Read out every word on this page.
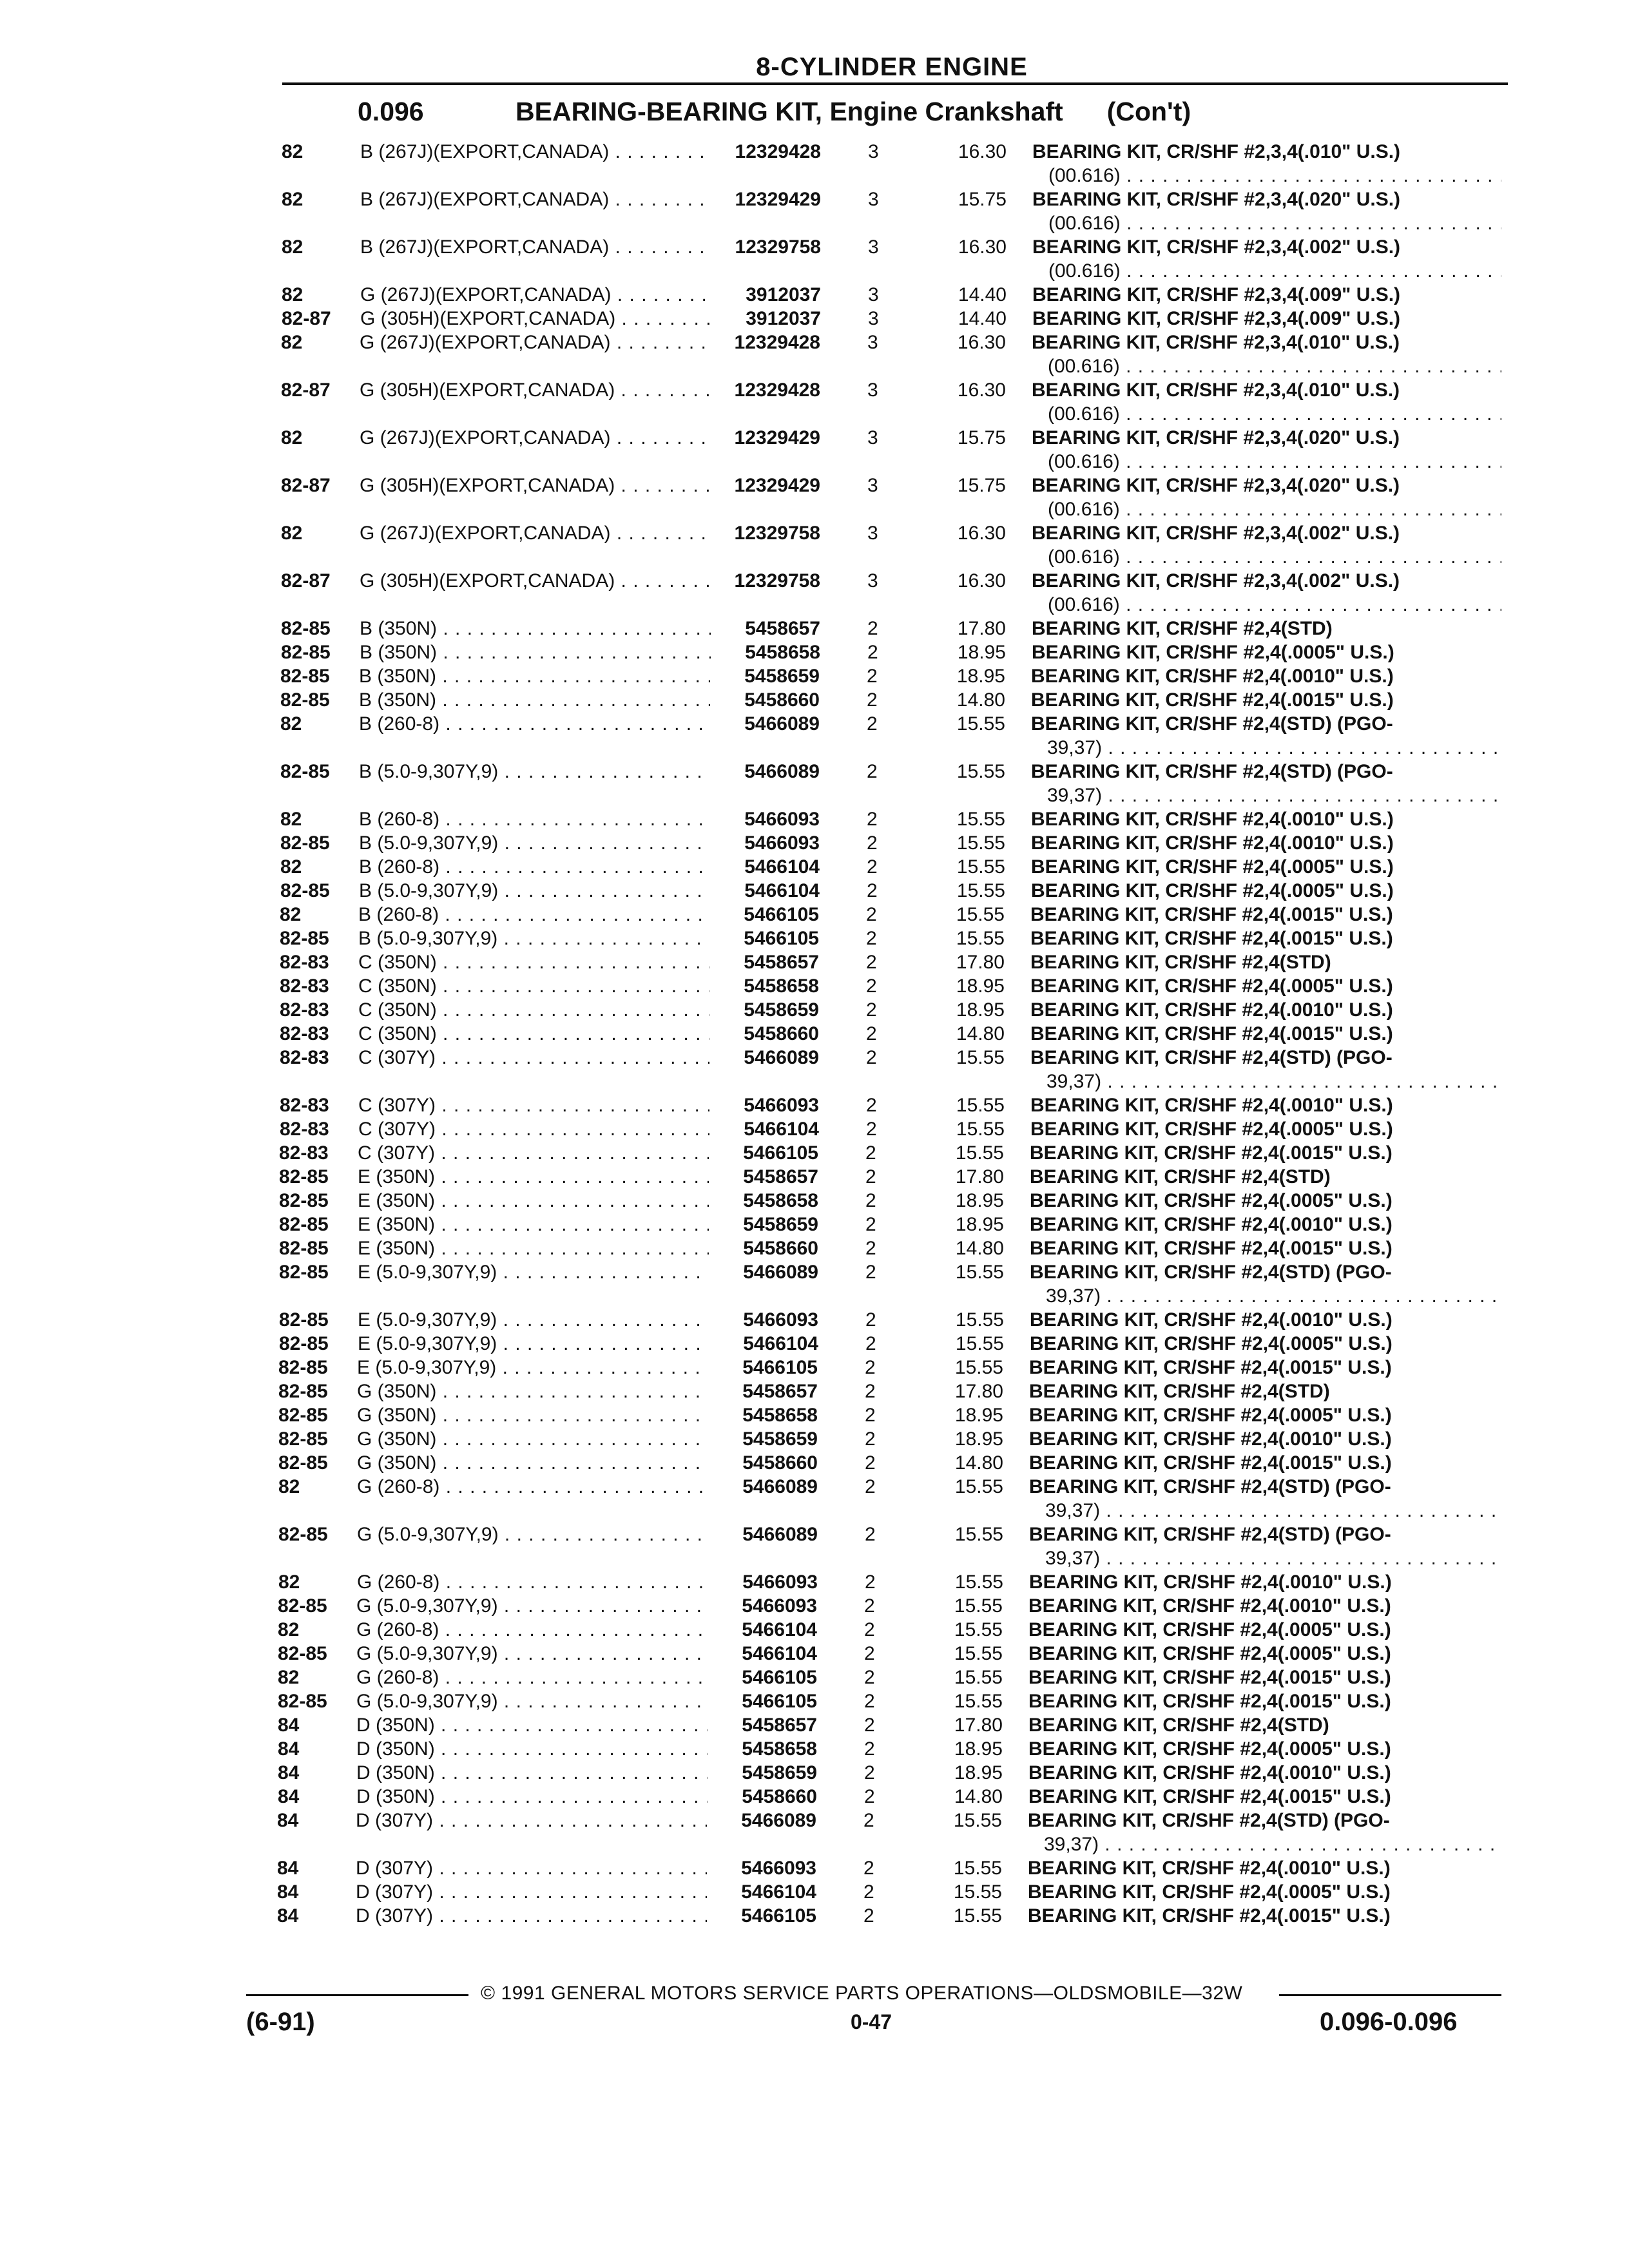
8-CYLINDER ENGINE
0.096	BEARING-BEARING KIT, Engine Crankshaft (Con't)
82	B (267J)(EXPORT,CANADA) . . .	12329428 3	16.30 BEARING KIT, CR/SHF #2,3,4(.010" U.S.)
(00.616) . . .
82	B (267J)(EXPORT,CANADA) . . .	12329429 3	15.75 BEARING KIT, CR/SHF #2,3,4(.020" U.S.)
(00.616) . . .
82	B (267J)(EXPORT,CANADA) . . .	12329758 3	16.30 BEARING KIT, CR/SHF #2,3,4(.002" U.S.)
(00.616) . . .
82	G (267J)(EXPORT,CANADA) . . .	3912037 3	14.40 BEARING KIT, CR/SHF #2,3,4(.009" U.S.)
82-87 G (305H)(EXPORT,CANADA) . . .	3912037 3	14.40 BEARING KIT, CR/SHF #2,3,4(.009" U.S.)
82	G (267J)(EXPORT,CANADA) . . .	12329428 3	16.30 BEARING KIT, CR/SHF #2,3,4(.010" U.S.)
(00.616) . . .
82-87 G (305H)(EXPORT,CANADA) . . .	12329428 3	16.30 BEARING KIT, CR/SHF #2,3,4(.010" U.S.)
(00.616) . . .
82	G (267J)(EXPORT,CANADA) . . .	12329429 3	15.75 BEARING KIT, CR/SHF #2,3,4(.020" U.S.)
(00.616) . . .
82-87 G (305H)(EXPORT,CANADA) . . .	12329429 3	15.75 BEARING KIT, CR/SHF #2,3,4(.020" U.S.)
(00.616) . . .
82	G (267J)(EXPORT,CANADA) . . .	12329758 3	16.30 BEARING KIT, CR/SHF #2,3,4(.002" U.S.)
(00.616) . . .
82-87 G (305H)(EXPORT,CANADA) . . .	12329758 3	16.30 BEARING KIT, CR/SHF #2,3,4(.002" U.S.)
(00.616) . . .
82-85 B (350N) . . .	5458657 2	17.80 BEARING KIT, CR/SHF #2,4(STD)
82-85 B (350N) . . .	5458658 2	18.95 BEARING KIT, CR/SHF #2,4(.0005" U.S.)
82-85 B (350N) . . .	5458659 2	18.95 BEARING KIT, CR/SHF #2,4(.0010" U.S.)
82-85 B (350N) . . .	5458660 2	14.80 BEARING KIT, CR/SHF #2,4(.0015" U.S.)
82	B (260-8) . . .	5466089 2	15.55 BEARING KIT, CR/SHF #2,4(STD) (PGO-
39,37) . . .
82-85 B (5.0-9,307Y,9) . . .	5466089 2	15.55 BEARING KIT, CR/SHF #2,4(STD) (PGO-
39,37) . . .
82	B (260-8) . . .	5466093 2	15.55 BEARING KIT, CR/SHF #2,4(.0010" U.S.)
82-85 B (5.0-9,307Y,9) . . .	5466093 2	15.55 BEARING KIT, CR/SHF #2,4(.0010" U.S.)
82	B (260-8) . . .	5466104 2	15.55 BEARING KIT, CR/SHF #2,4(.0005" U.S.)
82-85 B (5.0-9,307Y,9) . . .	5466104 2	15.55 BEARING KIT, CR/SHF #2,4(.0005" U.S.)
82	B (260-8) . . .	5466105 2	15.55 BEARING KIT, CR/SHF #2,4(.0015" U.S.)
82-85 B (5.0-9,307Y,9) . . .	5466105 2	15.55 BEARING KIT, CR/SHF #2,4(.0015" U.S.)
82-83 C (350N) . . .	5458657 2	17.80 BEARING KIT, CR/SHF #2,4(STD)
82-83 C (350N) . . .	5458658 2	18.95 BEARING KIT, CR/SHF #2,4(.0005" U.S.)
82-83 C (350N) . . .	5458659 2	18.95 BEARING KIT, CR/SHF #2,4(.0010" U.S.)
82-83 C (350N) . . .	5458660 2	14.80 BEARING KIT, CR/SHF #2,4(.0015" U.S.)
82-83 C (307Y) . . .	5466089 2	15.55 BEARING KIT, CR/SHF #2,4(STD) (PGO-
39,37) . . .
82-83 C (307Y) . . .	5466093 2	15.55 BEARING KIT, CR/SHF #2,4(.0010" U.S.)
82-83 C (307Y) . . .	5466104 2	15.55 BEARING KIT, CR/SHF #2,4(.0005" U.S.)
82-83 C (307Y) . . .	5466105 2	15.55 BEARING KIT, CR/SHF #2,4(.0015" U.S.)
82-85 E (350N) . . .	5458657 2	17.80 BEARING KIT, CR/SHF #2,4(STD)
82-85 E (350N) . . .	5458658 2	18.95 BEARING KIT, CR/SHF #2,4(.0005" U.S.)
82-85 E (350N) . . .	5458659 2	18.95 BEARING KIT, CR/SHF #2,4(.0010" U.S.)
82-85 E (350N) . . .	5458660 2	14.80 BEARING KIT, CR/SHF #2,4(.0015" U.S.)
82-85 E (5.0-9,307Y,9) . . .	5466089 2	15.55 BEARING KIT, CR/SHF #2,4(STD) (PGO-
39,37) . . .
82-85 E (5.0-9,307Y,9) . . .	5466093 2	15.55 BEARING KIT, CR/SHF #2,4(.0010" U.S.)
82-85 E (5.0-9,307Y,9) . . .	5466104 2	15.55 BEARING KIT, CR/SHF #2,4(.0005" U.S.)
82-85 E (5.0-9,307Y,9) . . .	5466105 2	15.55 BEARING KIT, CR/SHF #2,4(.0015" U.S.)
82-85 G (350N) . . .	5458657 2	17.80 BEARING KIT, CR/SHF #2,4(STD)
82-85 G (350N) . . .	5458658 2	18.95 BEARING KIT, CR/SHF #2,4(.0005" U.S.)
82-85 G (350N) . . .	5458659 2	18.95 BEARING KIT, CR/SHF #2,4(.0010" U.S.)
82-85 G (350N) . . .	5458660 2	14.80 BEARING KIT, CR/SHF #2,4(.0015" U.S.)
82	G (260-8) . . .	5466089 2	15.55 BEARING KIT, CR/SHF #2,4(STD) (PGO-
39,37) . . .
82-85 G (5.0-9,307Y,9) . . .	5466089 2	15.55 BEARING KIT, CR/SHF #2,4(STD) (PGO-
39,37) . . .
82	G (260-8) . . .	5466093 2	15.55 BEARING KIT, CR/SHF #2,4(.0010" U.S.)
82-85 G (5.0-9,307Y,9) . . .	5466093 2	15.55 BEARING KIT, CR/SHF #2,4(.0010" U.S.)
82	G (260-8) . . .	5466104 2	15.55 BEARING KIT, CR/SHF #2,4(.0005" U.S.)
82-85 G (5.0-9,307Y,9) . . .	5466104 2	15.55 BEARING KIT, CR/SHF #2,4(.0005" U.S.)
82	G (260-8) . . .	5466105 2	15.55 BEARING KIT, CR/SHF #2,4(.0015" U.S.)
82-85 G (5.0-9,307Y,9) . . .	5466105 2	15.55 BEARING KIT, CR/SHF #2,4(.0015" U.S.)
84	D (350N) . . .	5458657 2	17.80 BEARING KIT, CR/SHF #2,4(STD)
84	D (350N) . . .	5458658 2	18.95 BEARING KIT, CR/SHF #2,4(.0005" U.S.)
84	D (350N) . . .	5458659 2	18.95 BEARING KIT, CR/SHF #2,4(.0010" U.S.)
84	D (350N) . . .	5458660 2	14.80 BEARING KIT, CR/SHF #2,4(.0015" U.S.)
84	D (307Y) . . .	5466089 2	15.55 BEARING KIT, CR/SHF #2,4(STD) (PGO-
39,37) . . .
84	D (307Y) . . .	5466093 2	15.55 BEARING KIT, CR/SHF #2,4(.0010" U.S.)
84	D (307Y) . . .	5466104 2	15.55 BEARING KIT, CR/SHF #2,4(.0005" U.S.)
84	D (307Y) . . .	5466105 2	15.55 BEARING KIT, CR/SHF #2,4(.0015" U.S.)
© 1991 GENERAL MOTORS SERVICE PARTS OPERATIONS—OLDSMOBILE—32W
(6-91)	0-47	0.096-0.096
